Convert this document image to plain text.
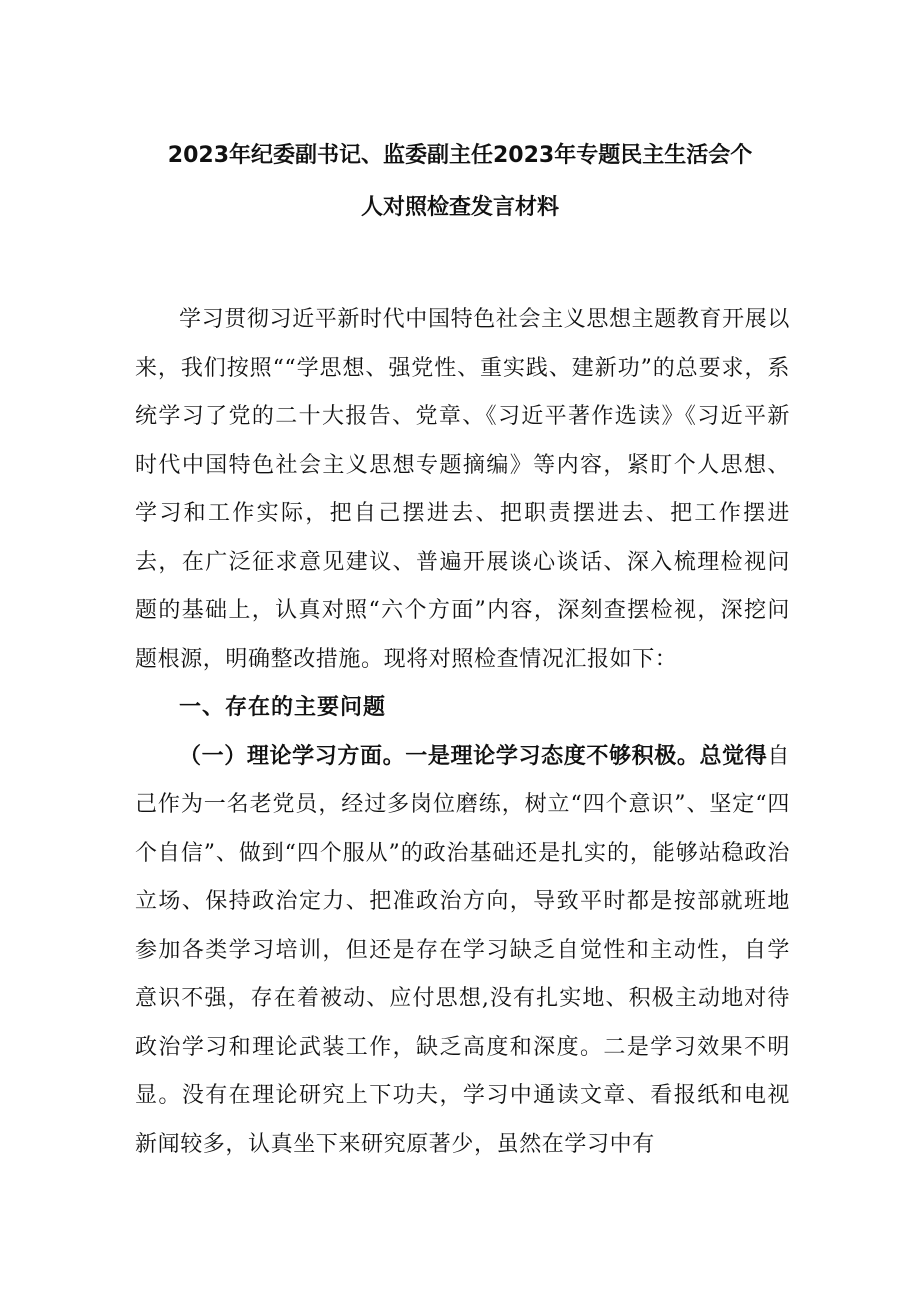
2023年纪委副书记、监委副主任2023年专题民主生活会个
人对照检查发言材料

学习贯彻习近平新时代中国特色社会主义思想主题教育开展以来，我们按照““学思想、强党性、重实践、建新功”的总要求，系统学习了党的二十大报告、党章、《习近平著作选读》《习近平新时代中国特色社会主义思想专题摘编》等内容，紧盯个人思想、学习和工作实际，把自己摆进去、把职责摆进去、把工作摆进去，在广泛征求意见建议、普遍开展谈心谈话、深入梳理检视问题的基础上，认真对照“六个方面”内容，深刻查摆检视，深挖问题根源，明确整改措施。现将对照检查情况汇报如下：

一、存在的主要问题

（一）理论学习方面。一是理论学习态度不够积极。总觉得自己作为一名老党员，经过多岗位磨练，树立“四个意识”、坚定“四个自信”、做到“四个服从”的政治基础还是扎实的，能够站稳政治立场、保持政治定力、把准政治方向，导致平时都是按部就班地参加各类学习培训，但还是存在学习缺乏自觉性和主动性，自学意识不强，存在着被动、应付思想,没有扎实地、积极主动地对待政治学习和理论武装工作，缺乏高度和深度。二是学习效果不明显。没有在理论研究上下功夫，学习中通读文章、看报纸和电视新闻较多，认真坐下来研究原著少，虽然在学习中有
